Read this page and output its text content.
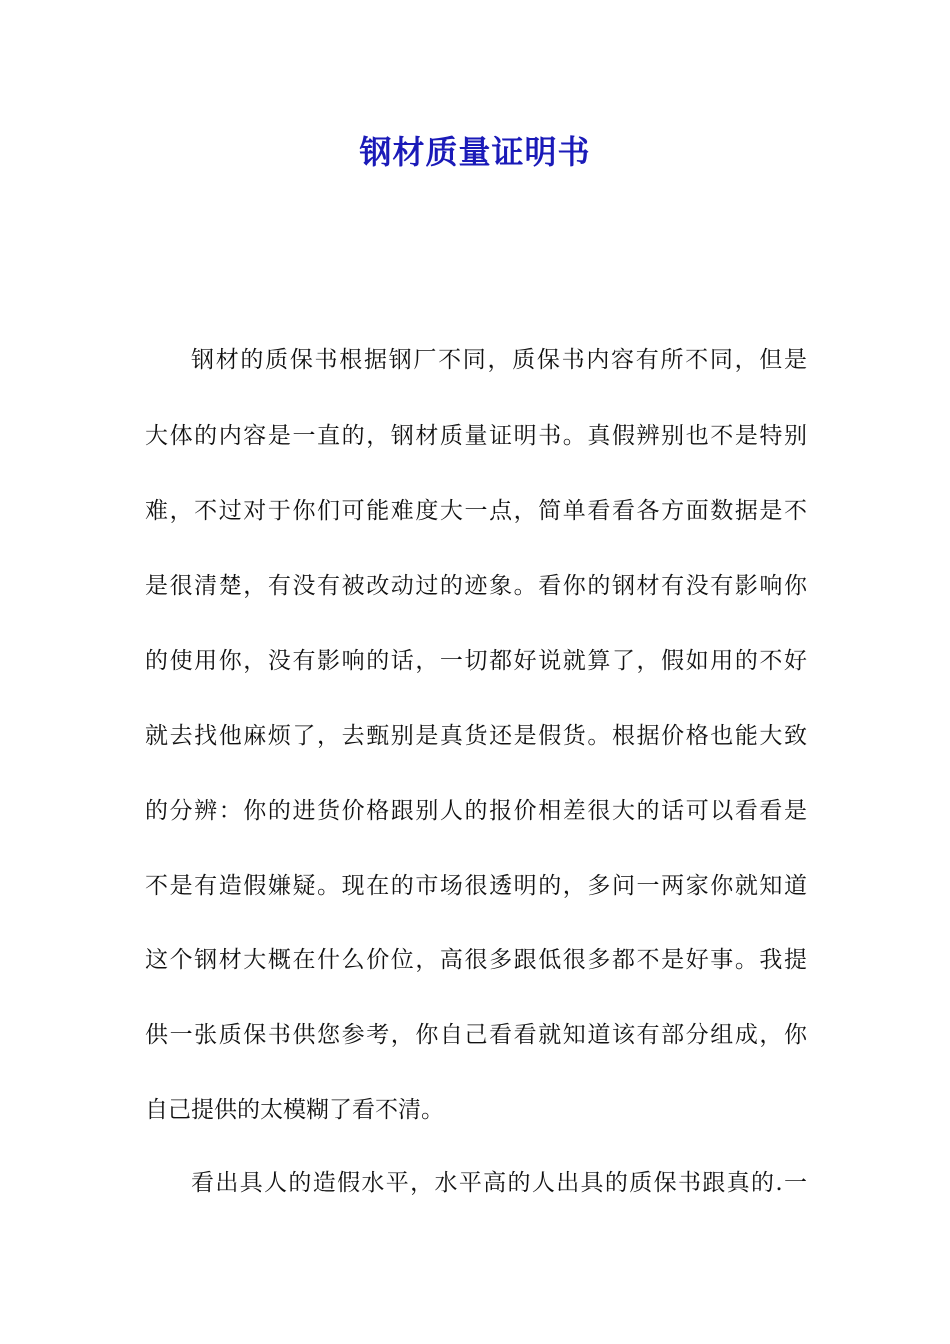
钢材质量证明书
钢材的质保书根据钢厂不同，质保书内容有所不同，但是
大体的内容是一直的，钢材质量证明书。真假辨别也不是特别
难，不过对于你们可能难度大一点，简单看看各方面数据是不
是很清楚，有没有被改动过的迹象。看你的钢材有没有影响你
的使用你，没有影响的话，一切都好说就算了，假如用的不好
就去找他麻烦了，去甄别是真货还是假货。根据价格也能大致
的分辨：你的进货价格跟别人的报价相差很大的话可以看看是
不是有造假嫌疑。现在的市场很透明的，多问一两家你就知道
这个钢材大概在什么价位，高很多跟低很多都不是好事。我提
供一张质保书供您参考，你自己看看就知道该有部分组成，你
自己提供的太模糊了看不清。
看出具人的造假水平，水平高的人出具的质保书跟真的.一
